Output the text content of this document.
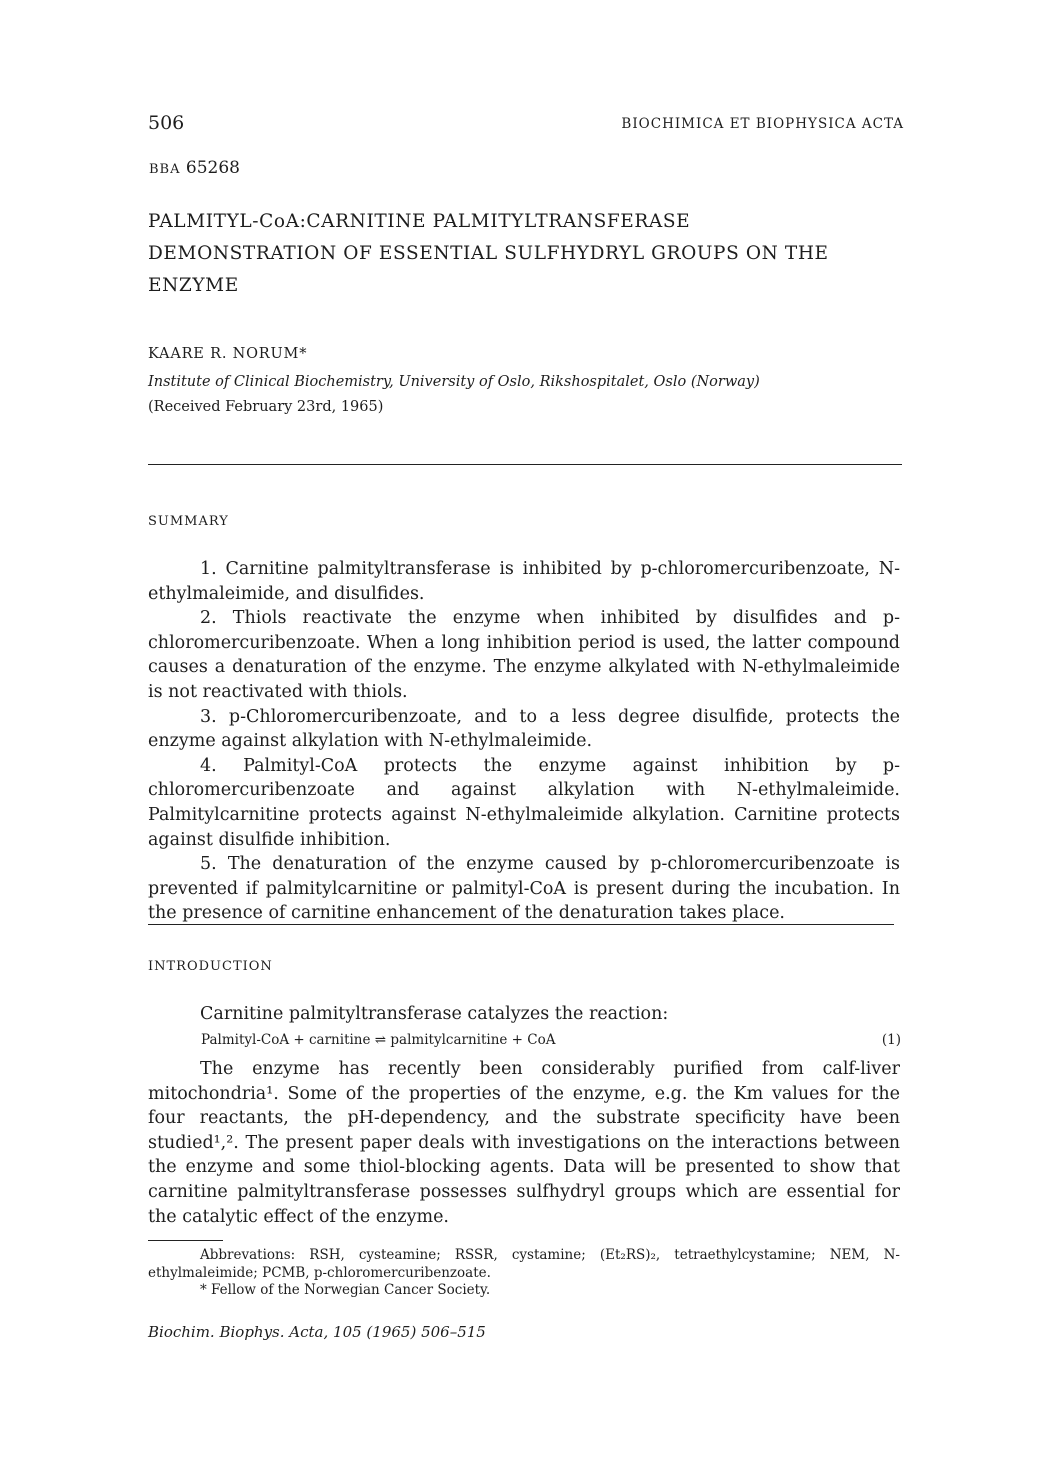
506	BIOCHIMICA ET BIOPHYSICA ACTA
BBA 65268
PALMITYL-CoA:CARNITINE PALMITYLTRANSFERASE
DEMONSTRATION OF ESSENTIAL SULFHYDRYL GROUPS ON THE
ENZYME
KAARE R. NORUM*
Institute of Clinical Biochemistry, University of Oslo, Rikshospitalet, Oslo (Norway)
(Received February 23rd, 1965)
SUMMARY

1. Carnitine palmityltransferase is inhibited by p-chloromercuribenzoate, N-ethylmaleimide, and disulfides.

2. Thiols reactivate the enzyme when inhibited by disulfides and p-chloromercuribenzoate. When a long inhibition period is used, the latter compound causes a denaturation of the enzyme. The enzyme alkylated with N-ethylmaleimide is not reactivated with thiols.

3. p-Chloromercuribenzoate, and to a less degree disulfide, protects the enzyme against alkylation with N-ethylmaleimide.

4. Palmityl-CoA protects the enzyme against inhibition by p-chloromercuribenzoate and against alkylation with N-ethylmaleimide. Palmitylcarnitine protects against N-ethylmaleimide alkylation. Carnitine protects against disulfide inhibition.

5. The denaturation of the enzyme caused by p-chloromercuribenzoate is prevented if palmitylcarnitine or palmityl-CoA is present during the incubation. In the presence of carnitine enhancement of the denaturation takes place.

INTRODUCTION

Carnitine palmityltransferase catalyzes the reaction:

Palmityl-CoA + carnitine ⇌ palmitylcarnitine + CoA	(1)

The enzyme has recently been considerably purified from calf-liver mitochondria¹. Some of the properties of the enzyme, e.g. the Km values for the four reactants, the pH-dependency, and the substrate specificity have been studied¹,². The present paper deals with investigations on the interactions between the enzyme and some thiol-blocking agents. Data will be presented to show that carnitine palmityltransferase possesses sulfhydryl groups which are essential for the catalytic effect of the enzyme.

Abbrevations: RSH, cysteamine; RSSR, cystamine; (Et₂RS)₂, tetraethylcystamine; NEM, N-ethylmaleimide; PCMB, p-chloromercuribenzoate.

* Fellow of the Norwegian Cancer Society.

Biochim. Biophys. Acta, 105 (1965) 506–515
